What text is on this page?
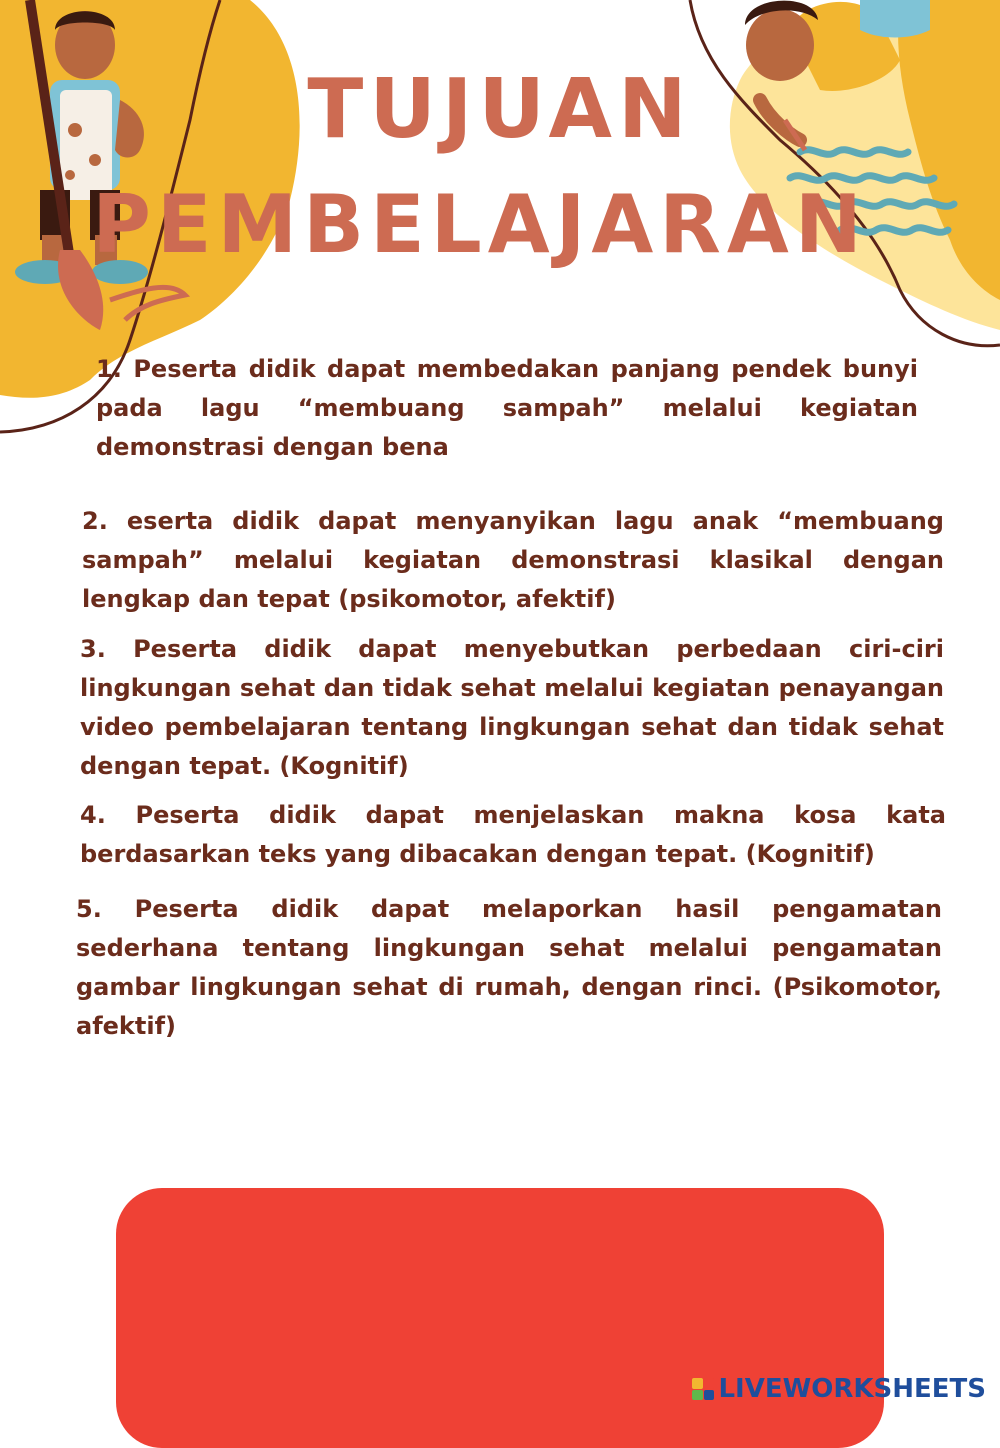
TUJUAN
PEMBELAJARAN

1. Peserta didik dapat membedakan panjang pendek bunyi pada lagu “membuang sampah” melalui kegiatan demonstrasi dengan bena

2. eserta didik dapat menyanyikan lagu anak “membuang sampah” melalui kegiatan demonstrasi klasikal dengan lengkap dan tepat (psikomotor, afektif)

3. Peserta didik dapat menyebutkan perbedaan ciri-ciri lingkungan sehat dan tidak sehat melalui kegiatan penayangan video pembelajaran tentang lingkungan sehat dan tidak sehat dengan tepat. (Kognitif)

4. Peserta didik dapat menjelaskan makna kosa kata berdasarkan teks yang dibacakan dengan tepat. (Kognitif)

5. Peserta didik dapat melaporkan hasil pengamatan sederhana tentang lingkungan sehat melalui pengamatan gambar lingkungan sehat di rumah, dengan rinci. (Psikomotor, afektif)

LIVEWORKSHEETS
